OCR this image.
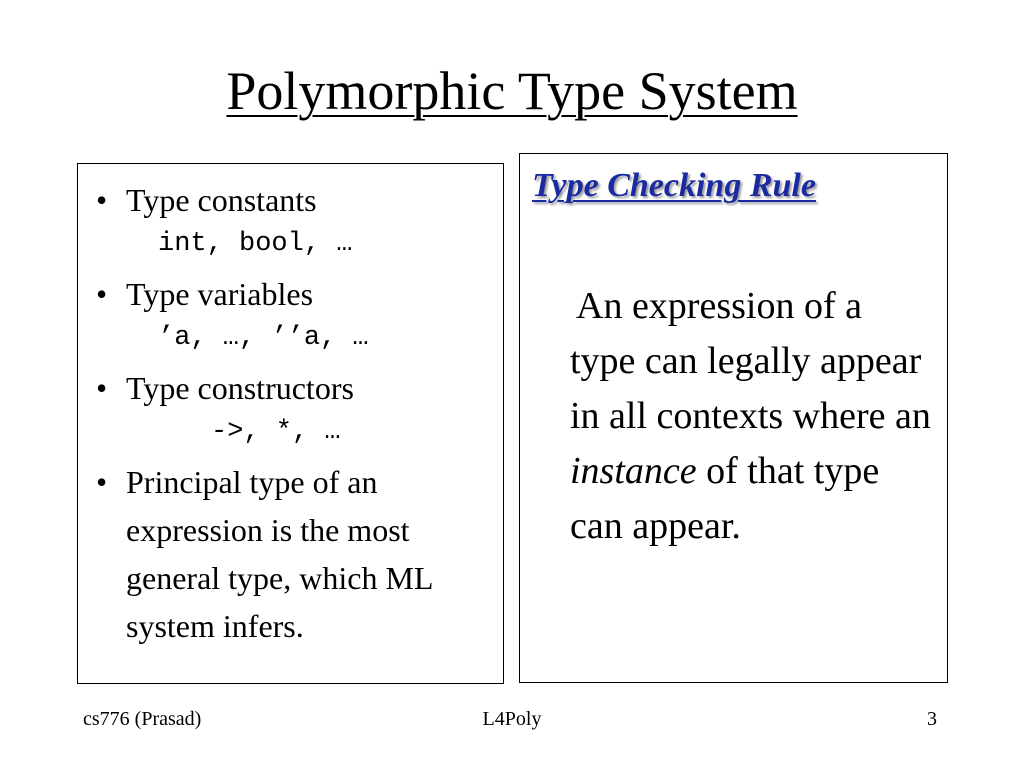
Polymorphic Type System
• Type constants
int, bool, …
• Type variables
’a, …, ’’a, …
• Type constructors
->, *, …
• Principal type of an expression is the most general type, which ML system infers.
Type Checking Rule
An expression of a type can legally appear in all contexts where an instance of that type can appear.
cs776 (Prasad)	L4Poly	3
